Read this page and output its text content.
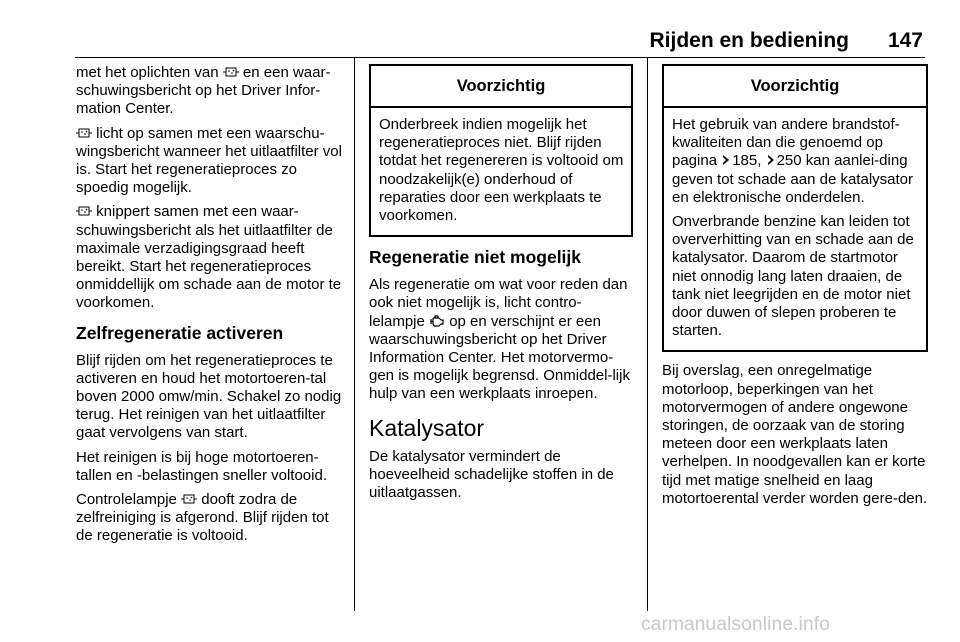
Rijden en bediening 147

met het oplichten van  en een waar-schuwingsbericht op het Driver Infor-mation Center.

licht op samen met een waarschu-wingsbericht wanneer het uitlaatfilter vol is. Start het regeneratieproces zo spoedig mogelijk.

knippert samen met een waar-schuwingsbericht als het uitlaatfilter de maximale verzadigingsgraad heeft bereikt. Start het regeneratieproces onmiddellijk om schade aan de motor te voorkomen.

Zelfregeneratie activeren

Blijf rijden om het regeneratieproces te activeren en houd het motortoeren-tal boven 2000 omw/min. Schakel zo nodig terug. Het reinigen van het uitlaatfilter gaat vervolgens van start.

Het reinigen is bij hoge motortoeren-tallen en -belastingen sneller voltooid.

Controlelampje  dooft zodra de zelfreiniging is afgerond. Blijf rijden tot de regeneratie is voltooid.

Voorzichtig

Onderbreek indien mogelijk het regeneratieproces niet. Blijf rijden totdat het regenereren is voltooid om noodzakelijk(e) onderhoud of reparaties door een werkplaats te voorkomen.

Regeneratie niet mogelijk

Als regeneratie om wat voor reden dan ook niet mogelijk is, licht contro-lelampje  op en verschijnt er een waarschuwingsbericht op het Driver Information Center. Het motorvermo-gen is mogelijk begrensd. Onmiddel-lijk hulp van een werkplaats inroepen.

Katalysator

De katalysator vermindert de hoeveelheid schadelijke stoffen in de uitlaatgassen.

Voorzichtig

Het gebruik van andere brandstof-kwaliteiten dan die genoemd op pagina 185, 250 kan aanlei-ding geven tot schade aan de katalysator en elektronische onderdelen.

Onverbrande benzine kan leiden tot oververhitting van en schade aan de katalysator. Daarom de startmotor niet onnodig lang laten draaien, de tank niet leegrijden en de motor niet door duwen of slepen proberen te starten.

Bij overslag, een onregelmatige motorloop, beperkingen van het motorvermogen of andere ongewone storingen, de oorzaak van de storing meteen door een werkplaats laten verhelpen. In noodgevallen kan er korte tijd met matige snelheid en laag motortoerental verder worden gere-den.

carmanualsonline.info
